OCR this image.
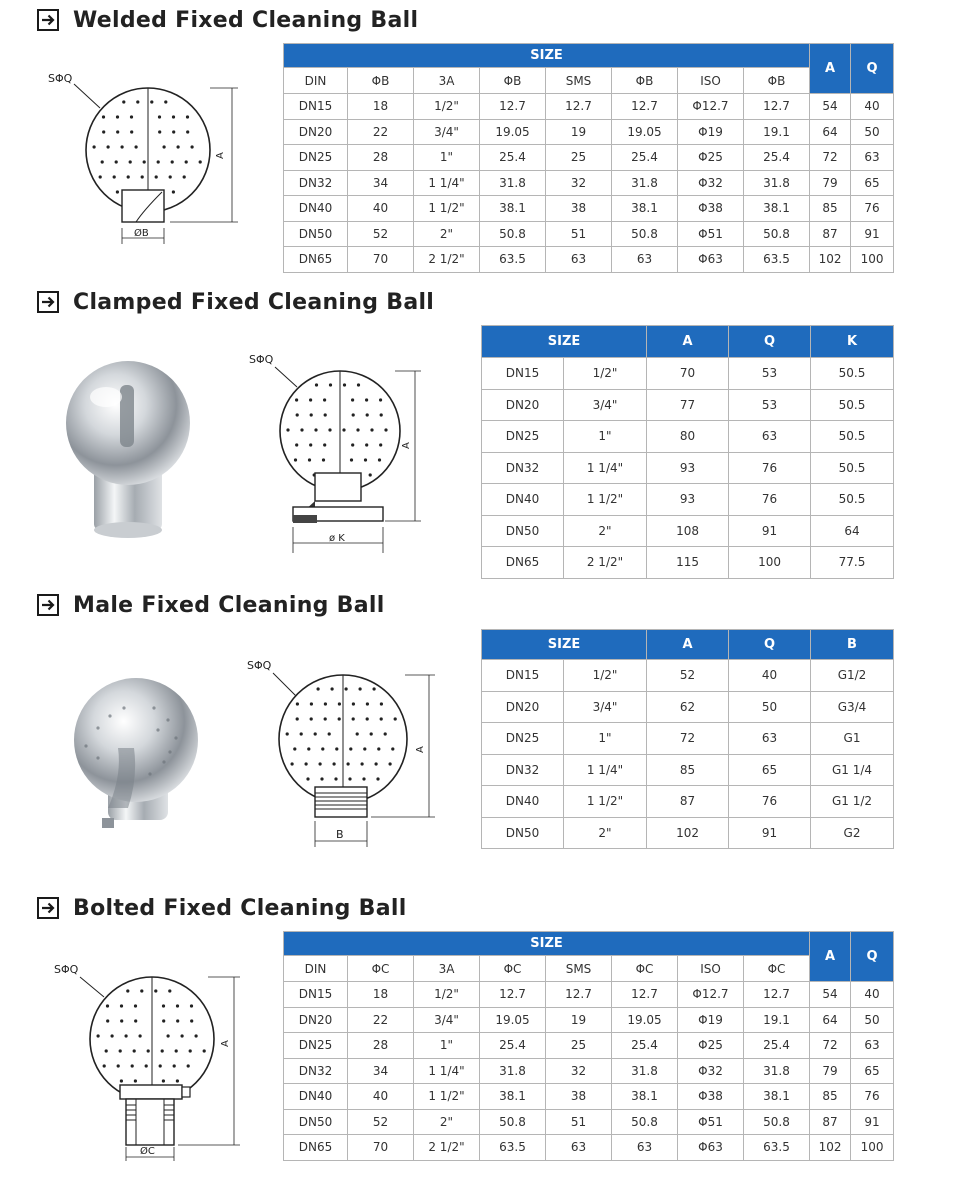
Welded Fixed Cleaning Ball
SΦQ
ØB
A
SIZE								A	Q
DIN	ΦB	3A	ΦB	SMS	ΦB	ISO	ΦB		
DN15	18	1/2"	12.7	12.7	12.7	Φ12.7	12.7	54	40
DN20	22	3/4"	19.05	19	19.05	Φ19	19.1	64	50
DN25	28	1"	25.4	25	25.4	Φ25	25.4	72	63
DN32	34	1 1/4"	31.8	32	31.8	Φ32	31.8	79	65
DN40	40	1 1/2"	38.1	38	38.1	Φ38	38.1	85	76
DN50	52	2"	50.8	51	50.8	Φ51	50.8	87	91
DN65	70	2 1/2"	63.5	63	63	Φ63	63.5	102	100
Clamped Fixed Cleaning Ball
SΦQ
ø K
A
SIZE		A	Q	K
DN15	1/2"	70	53	50.5
DN20	3/4"	77	53	50.5
DN25	1"	80	63	50.5
DN32	1 1/4"	93	76	50.5
DN40	1 1/2"	93	76	50.5
DN50	2"	108	91	64
DN65	2 1/2"	115	100	77.5
Male Fixed Cleaning Ball
SΦQ
B
A
SIZE		A	Q	B
DN15	1/2"	52	40	G1/2
DN20	3/4"	62	50	G3/4
DN25	1"	72	63	G1
DN32	1 1/4"	85	65	G1 1/4
DN40	1 1/2"	87	76	G1 1/2
DN50	2"	102	91	G2
Bolted Fixed Cleaning Ball
SΦQ
ØC
A
SIZE								A	Q
DIN	ΦC	3A	ΦC	SMS	ΦC	ISO	ΦC		
DN15	18	1/2"	12.7	12.7	12.7	Φ12.7	12.7	54	40
DN20	22	3/4"	19.05	19	19.05	Φ19	19.1	64	50
DN25	28	1"	25.4	25	25.4	Φ25	25.4	72	63
DN32	34	1 1/4"	31.8	32	31.8	Φ32	31.8	79	65
DN40	40	1 1/2"	38.1	38	38.1	Φ38	38.1	85	76
DN50	52	2"	50.8	51	50.8	Φ51	50.8	87	91
DN65	70	2 1/2"	63.5	63	63	Φ63	63.5	102	100
